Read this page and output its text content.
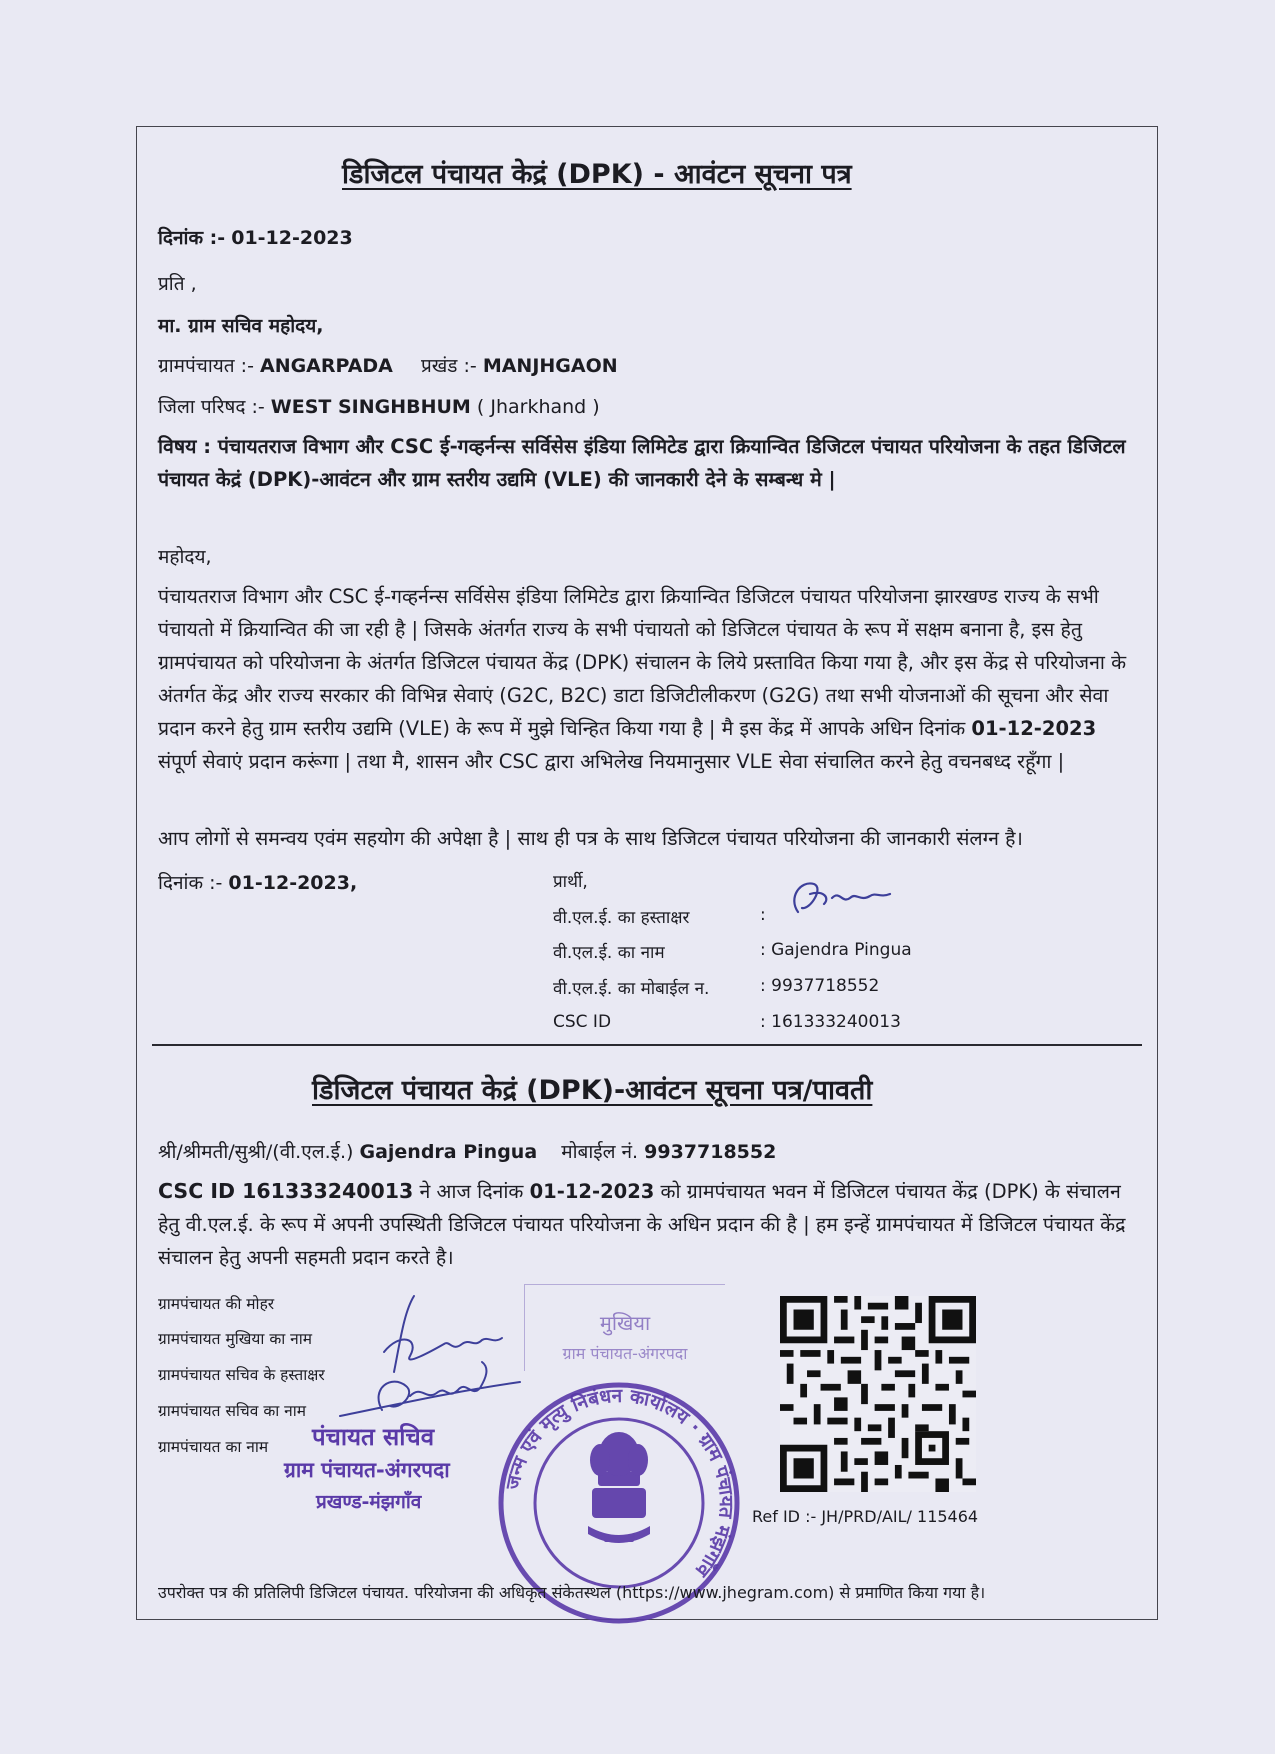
डिजिटल पंचायत केद्रं (DPK) - आवंटन सूचना पत्र
दिनांक :- 01-12-2023
प्रति ,
मा. ग्राम सचिव महोदय,
ग्रामपंचायत :- ANGARPADA प्रखंड :- MANJHGAON
जिला परिषद :- WEST SINGHBHUM ( Jharkhand )
विषय : पंचायतराज विभाग और CSC ई-गव्हर्नन्स सर्विसेस इंडिया लिमिटेड द्वारा क्रियान्वित डिजिटल पंचायत परियोजना के तहत डिजिटल पंचायत केद्रं (DPK)-आवंटन और ग्राम स्तरीय उद्यमि (VLE) की जानकारी देने के सम्बन्ध मे |
महोदय,
पंचायतराज विभाग और CSC ई-गव्हर्नन्स सर्विसेस इंडिया लिमिटेड द्वारा क्रियान्वित डिजिटल पंचायत परियोजना झारखण्ड राज्य के सभी पंचायतो में क्रियान्वित की जा रही है | जिसके अंतर्गत राज्य के सभी पंचायतो को डिजिटल पंचायत के रूप में सक्षम बनाना है, इस हेतु ग्रामपंचायत को परियोजना के अंतर्गत डिजिटल पंचायत केंद्र (DPK) संचालन के लिये प्रस्तावित किया गया है, और इस केंद्र से परियोजना के अंतर्गत केंद्र और राज्य सरकार की विभिन्न सेवाएं (G2C, B2C) डाटा डिजिटीलीकरण (G2G) तथा सभी योजनाओं की सूचना और सेवा प्रदान करने हेतु ग्राम स्तरीय उद्यमि (VLE) के रूप में मुझे चिन्हित किया गया है | मै इस केंद्र में आपके अधिन दिनांक 01-12-2023 संपूर्ण सेवाएं प्रदान करूंगा | तथा मै, शासन और CSC द्वारा अभिलेख नियमानुसार VLE सेवा संचालित करने हेतु वचनबध्द रहूँगा |
आप लोगों से समन्वय एवंम सहयोग की अपेक्षा है | साथ ही पत्र के साथ डिजिटल पंचायत परियोजना की जानकारी संलग्न है।
दिनांक :- 01-12-2023,	प्रार्थी,
वी.एल.ई. का हस्ताक्षर	:
वी.एल.ई. का नाम	: Gajendra Pingua
वी.एल.ई. का मोबाईल न.	: 9937718552
CSC ID	: 161333240013
डिजिटल पंचायत केद्रं (DPK)-आवंटन सूचना पत्र/पावती
श्री/श्रीमती/सुश्री/(वी.एल.ई.) Gajendra Pingua मोबाईल नं. 9937718552
CSC ID 161333240013 ने आज दिनांक 01-12-2023 को ग्रामपंचायत भवन में डिजिटल पंचायत केंद्र (DPK) के संचालन हेतु वी.एल.ई. के रूप में अपनी उपस्थिती डिजिटल पंचायत परियोजना के अधिन प्रदान की है | हम इन्हें ग्रामपंचायत में डिजिटल पंचायत केंद्र संचालन हेतु अपनी सहमती प्रदान करते है।
ग्रामपंचायत की मोहर
ग्रामपंचायत मुखिया का नाम
ग्रामपंचायत सचिव के हस्ताक्षर
ग्रामपंचायत सचिव का नाम
ग्रामपंचायत का नाम
मुखिया
ग्राम पंचायत-अंगरपदा
पंचायत सचिव
ग्राम पंचायत-अंगरपदा
प्रखण्ड-मंझगाँव
जन्म एवं मृत्यु निबंधन कार्यालय · ग्राम पंचायत मंझगाँव
Ref ID :- JH/PRD/AIL/ 115464
उपरोक्त पत्र की प्रतिलिपी डिजिटल पंचायत. परियोजना की अधिकृत संकेतस्थल (https://www.jhegram.com) से प्रमाणित किया गया है।
